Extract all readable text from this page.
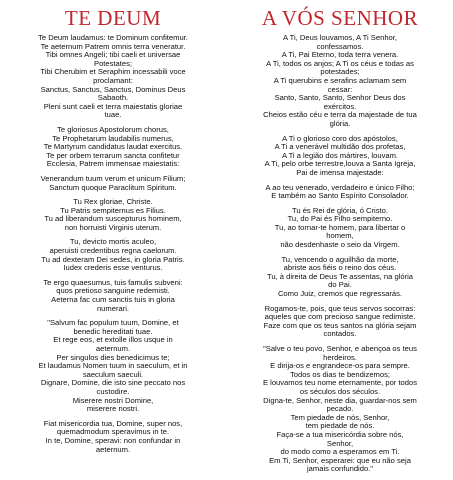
TE DEUM
Te Deum laudamus: te Dominum confitemur.
Te aeternum Patrem omnis terra veneratur.
Tibi omnes Angeli; tibi caeli et universae
Potestates;
Tibi Cherubim et Seraphim incessabili voce
proclamant:
Sanctus, Sanctus, Sanctus, Dominus Deus
Sabaoth.
Pleni sunt caeli et terra maiestatis gloriae
tuae.
Te gloriosus Apostolorum chorus,
Te Prophetarum laudabilis numerus,
Te Martyrum candidatus laudat exercitus.
Te per orbem terrarum sancta confitetur
Ecclesia, Patrem immensae maiestatis:
Venerandum tuum verum et unicum Filium;
Sanctum quoque Paraclitum Spiritum.
Tu Rex gloriae, Christe.
Tu Patris sempiternus es Filius.
Tu ad liberandum suscepturus hominem,
non horruisti Virginis uterum.
Tu, devicto mortis aculeo,
aperuisti credentibus regna caelorum.
Tu ad dexteram Dei sedes, in gloria Patris.
Iudex crederis esse venturus.
Te ergo quaesumus, tuis famulis subveni:
quos pretioso sanguine redemisti.
Aeterna fac cum sanctis tuis in gloria
numerari.
"Salvum fac populum tuum, Domine, et
benedic hereditati tuae.
Et rege eos, et extolle illos usque in
aeternum.
Per singulos dies benedicimus te;
Et laudamus Nomen tuum in saeculum, et in
saeculum saeculi.
Dignare, Domine, die isto sine peccato nos
custodire.
Miserere nostri Domine,
miserere nostri.
Fiat misericordia tua, Domine, super nos,
quemadmodum speravimus in te.
In te, Domine, speravi: non confundar in
aeternum.
A VÓS SENHOR
A Ti, Deus louvamos, A Ti Senhor,
confessamos.
A Ti, Pai Eterno, toda terra venera.
A Ti, todos os anjos; A Ti os céus e todas as
potestades;
A Ti querubins e serafins aclamam sem
cessar:
Santo, Santo, Santo, Senhor Deus dos
exércitos.
Cheios estão céu e terra da majestade de tua
glória.
A Ti o glorioso coro dos apóstolos,
A Ti a venerável multidão dos profetas,
A Ti a legião dos mártires, louvam.
A Ti, pelo orbe terrestre,louva a Santa Igreja,
Pai de imensa majestade:
A ao teu venerado, verdadeiro e único Filho;
E também ao Santo Espírito Consolador.
Tu és Rei de glória, ó Cristo.
Tu, do Pai és Filho sempiterno.
Tu, ao tornar-te homem, para libertar o
homem,
não desdenhaste o seio da Virgem.
Tu, vencendo o aguilhão da morte,
abriste aos fiéis o reino dos céus.
Tu, à direita de Deus Te assentas, na glória
do Pai.
Como Juiz, cremos que regressarás.
Rogamos-te, pois, que teus servos socorras:
aqueles que com precioso sangue redimiste.
Faze com que os teus santos na glória sejam
contados.
"Salve o teu povo, Senhor, e abençoa os teus
herdeiros.
E dirija-os e engrandece-os para sempre.
Todos os dias te bendizemos;
E louvamos teu nome eternamente, por todos
os séculos dos séculos.
Digna-te, Senhor, neste dia, guardar-nos sem
pecado.
Tem piedade de nós, Senhor,
tem piedade de nós.
Faça-se a tua misericórdia sobre nós,
Senhor,
do modo como a esperamos em Ti.
Em Ti, Senhor, esperarei: que eu não seja
jamais confundido."
